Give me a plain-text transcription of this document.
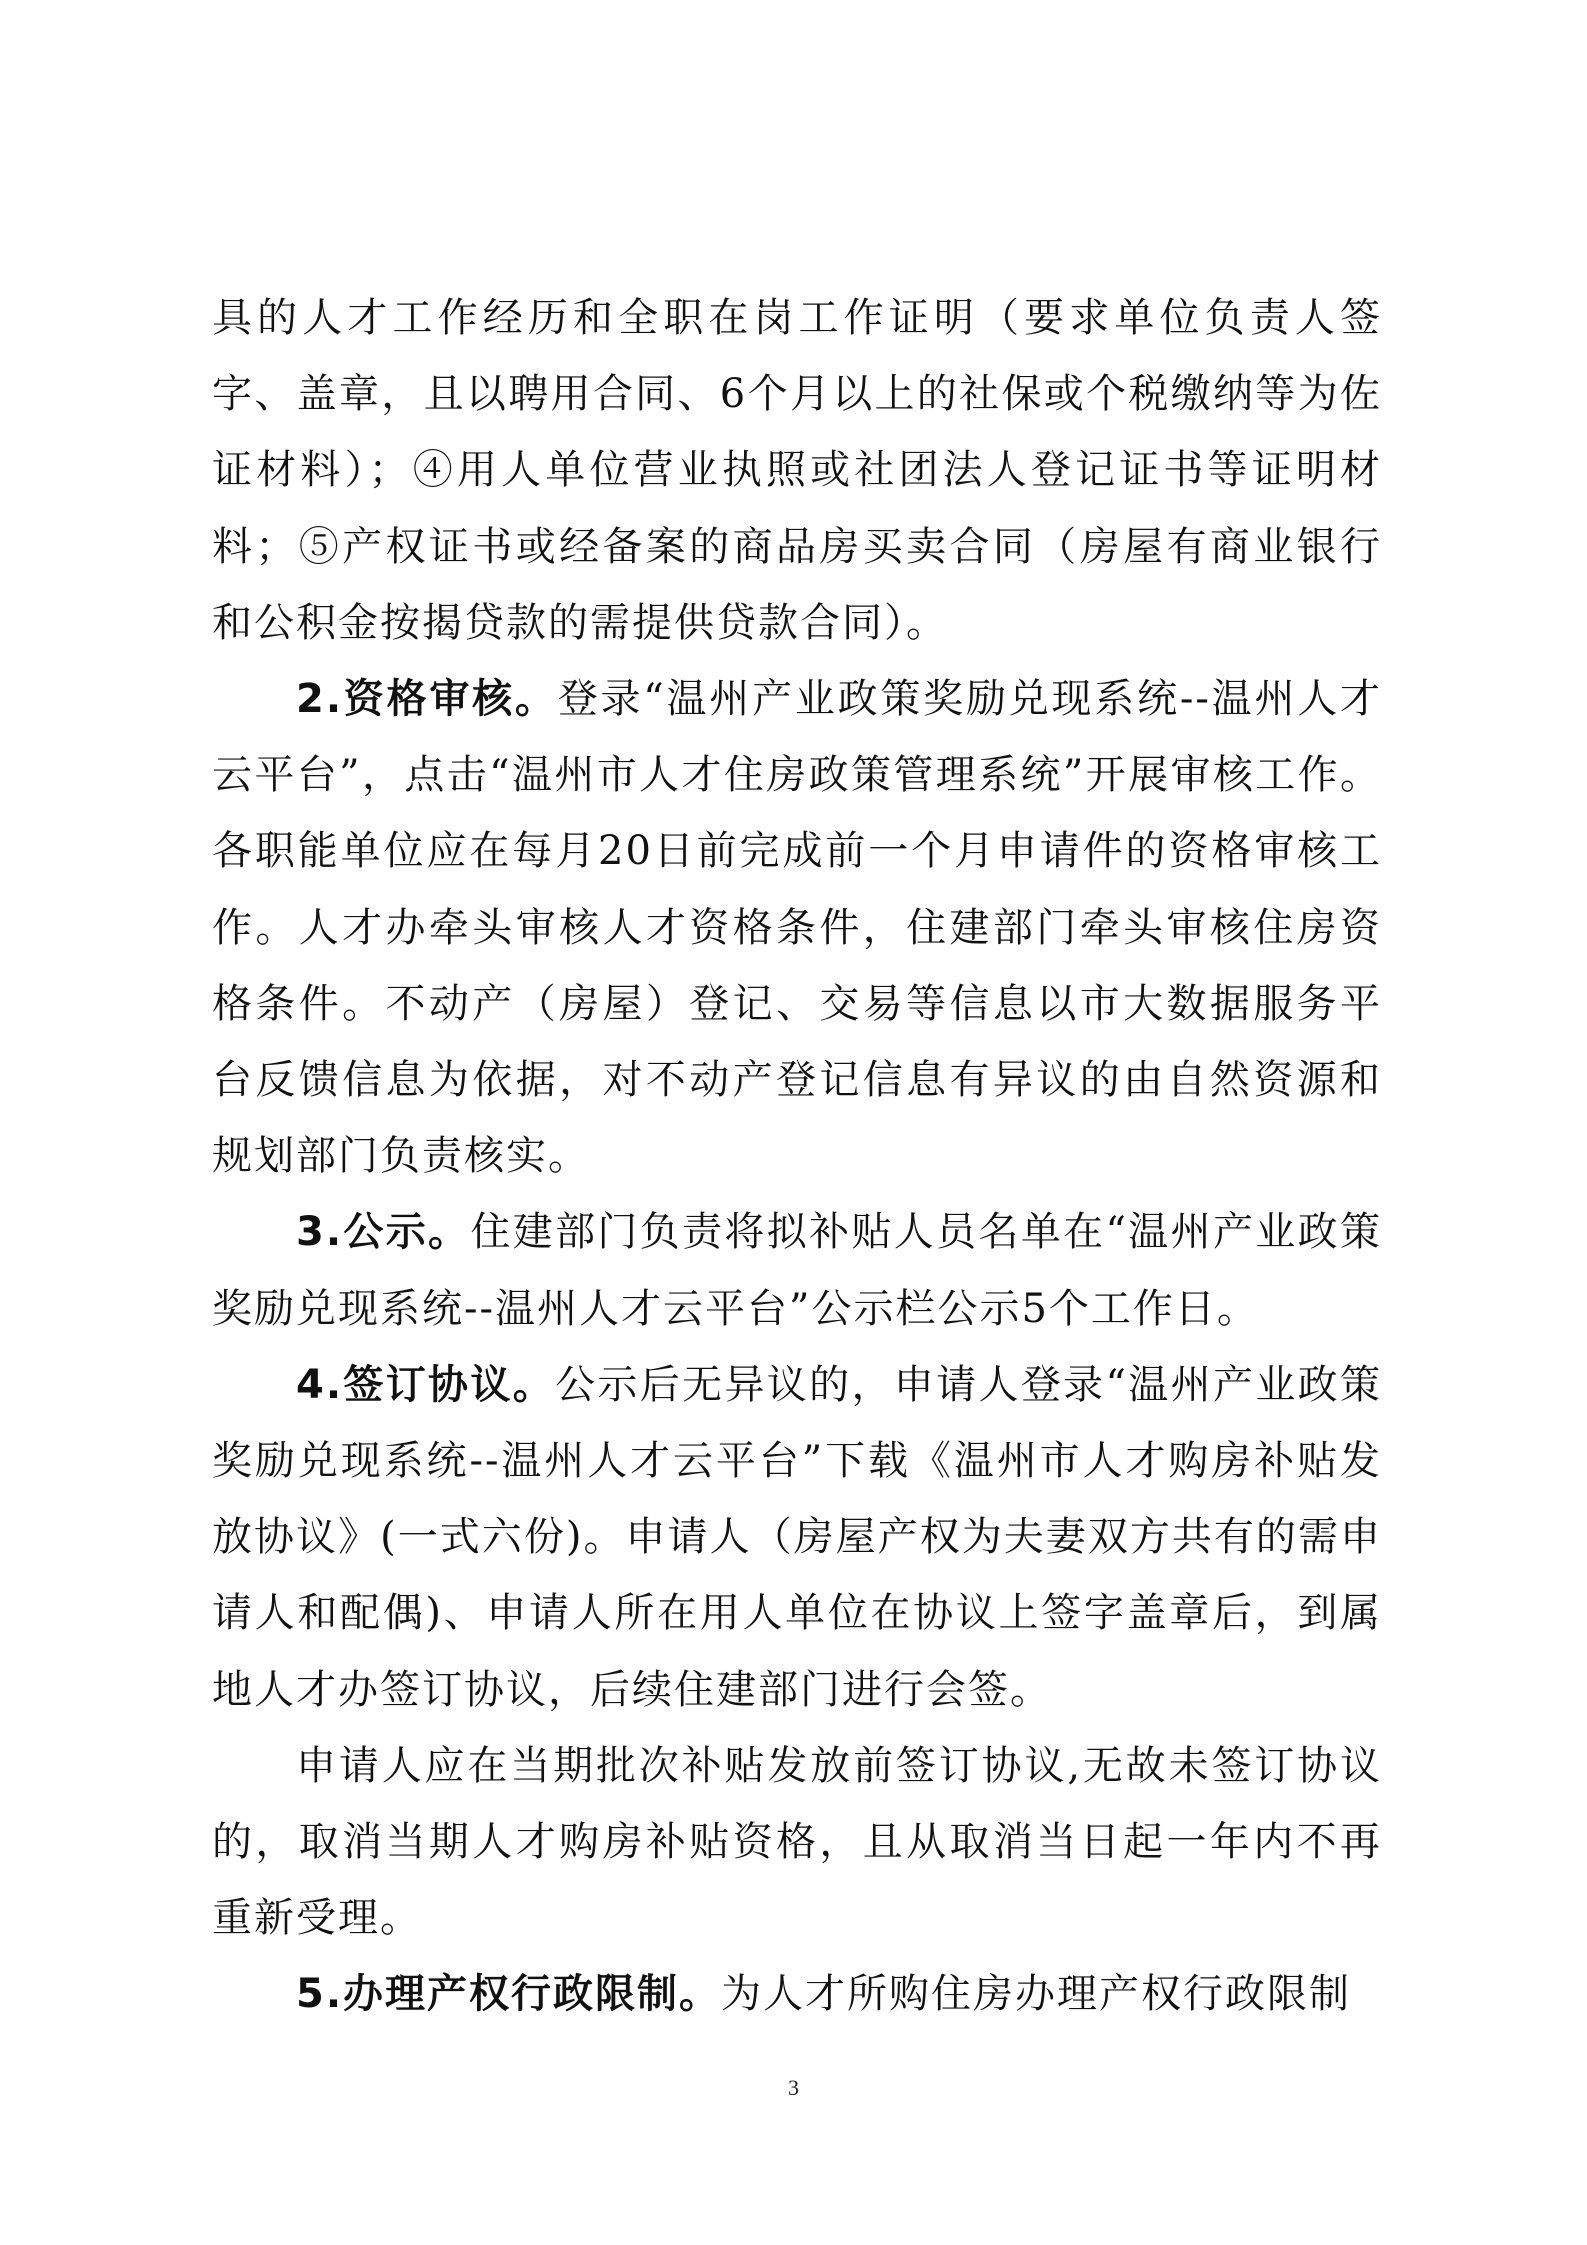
具的人才工作经历和全职在岗工作证明（要求单位负责人签字、盖章，且以聘用合同、6个月以上的社保或个税缴纳等为佐证材料）；④用人单位营业执照或社团法人登记证书等证明材料；⑤产权证书或经备案的商品房买卖合同（房屋有商业银行和公积金按揭贷款的需提供贷款合同）。

2.资格审核。登录“温州产业政策奖励兑现系统--温州人才云平台”，点击“温州市人才住房政策管理系统”开展审核工作。各职能单位应在每月20日前完成前一个月申请件的资格审核工作。人才办牵头审核人才资格条件，住建部门牵头审核住房资格条件。不动产（房屋）登记、交易等信息以市大数据服务平台反馈信息为依据，对不动产登记信息有异议的由自然资源和规划部门负责核实。

3.公示。住建部门负责将拟补贴人员名单在“温州产业政策奖励兑现系统--温州人才云平台”公示栏公示5个工作日。

4.签订协议。公示后无异议的，申请人登录“温州产业政策奖励兑现系统--温州人才云平台”下载《温州市人才购房补贴发放协议》(一式六份)。申请人（房屋产权为夫妻双方共有的需申请人和配偶)、申请人所在用人单位在协议上签字盖章后，到属地人才办签订协议，后续住建部门进行会签。

申请人应在当期批次补贴发放前签订协议,无故未签订协议的，取消当期人才购房补贴资格，且从取消当日起一年内不再重新受理。

5.办理产权行政限制。为人才所购住房办理产权行政限制

3
